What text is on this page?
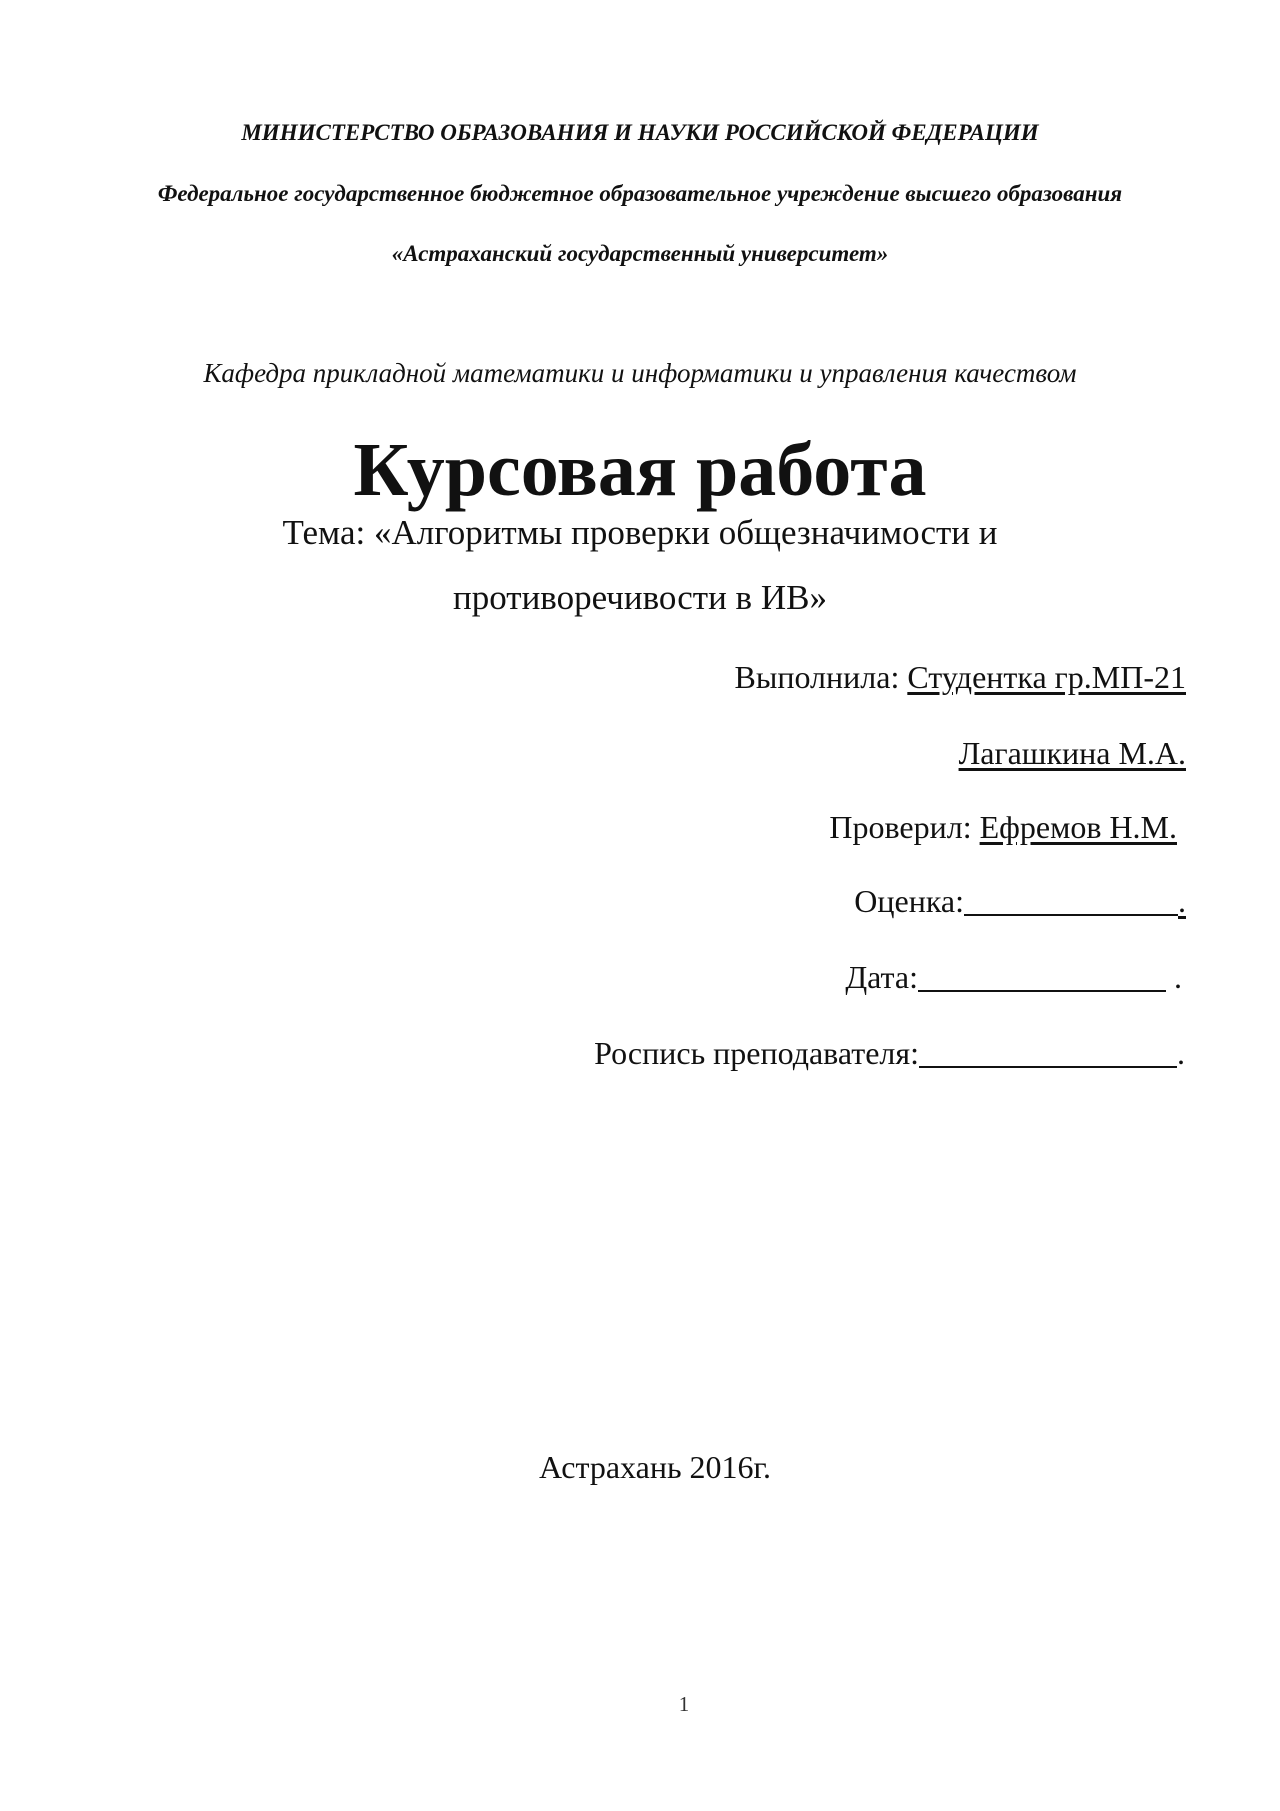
МИНИСТЕРСТВО ОБРАЗОВАНИЯ И НАУКИ РОССИЙСКОЙ ФЕДЕРАЦИИ
Федеральное государственное бюджетное образовательное учреждение высшего образования
«Астраханский государственный университет»
Кафедра прикладной математики и информатики и управления качеством
Курсовая работа
Тема: «Алгоритмы проверки общезначимости и
противоречивости в ИВ»
Выполнила: Студентка гр.МП-21
Лагашкина М.А.
Проверил: Ефремов Н.М.
Оценка:	.
Дата:	.
Роспись преподавателя:	.
Астрахань 2016г.
1
